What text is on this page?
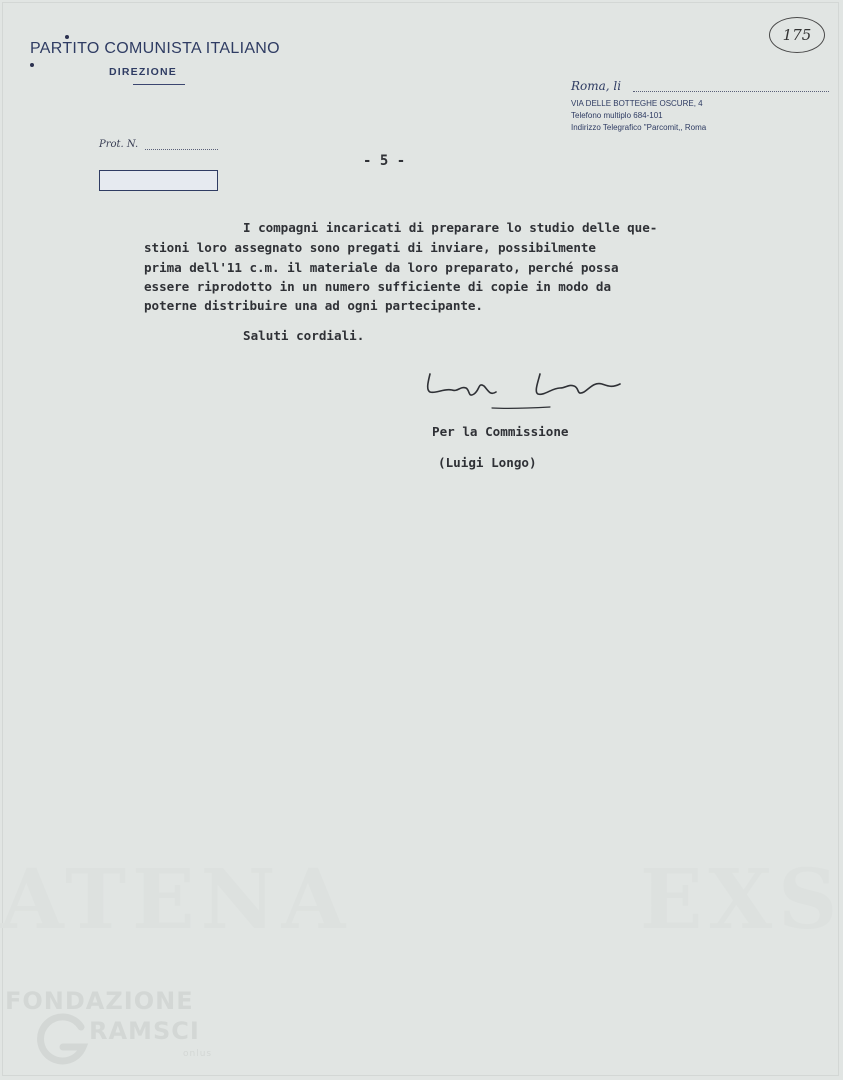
ATENA	EXS
PARTITO COMUNISTA ITALIANO
DIREZIONE
175
Roma, li
VIA DELLE BOTTEGHE OSCURE, 4
Telefono multiplo 684-101
Indirizzo Telegrafico "Parcomit,, Roma
Prot. N.
- 5 -
I compagni incaricati di preparare lo studio delle que-
stioni loro assegnato sono pregati di inviare, possibilmente
prima dell'11 c.m. il materiale da loro preparato, perché possa
essere riprodotto in un numero sufficiente di copie in modo da
poterne distribuire una ad ogni partecipante.
Saluti cordiali.
Per la Commissione
(Luigi Longo)
FONDAZIONE
RAMSCI
onlus
